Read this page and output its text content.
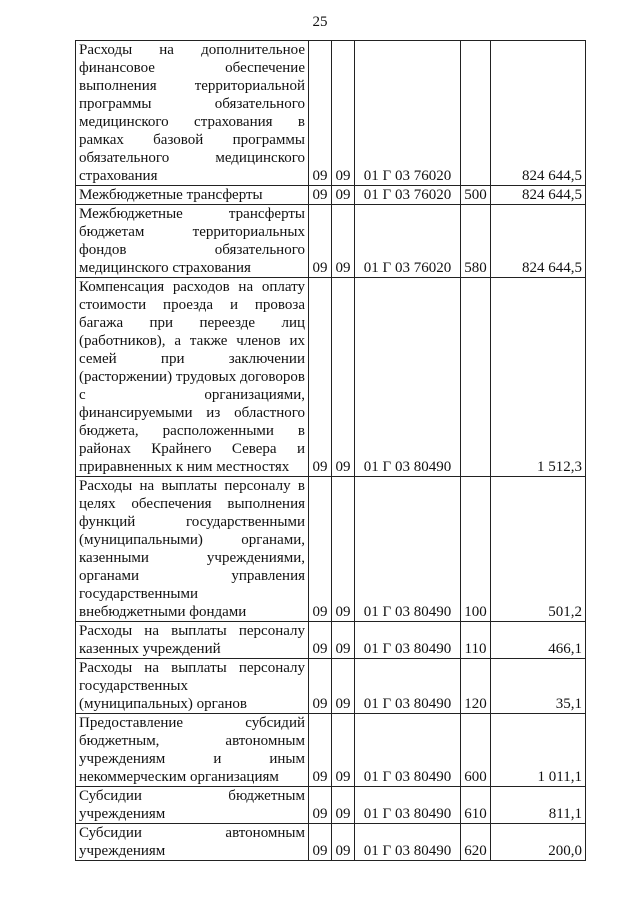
25
Расходы на дополнительное финансовое обеспечение выполнения территориальной программы обязательного медицинского страхования в рамках базовой программы обязательного медицинского страхования	09	09	01 Г 03 76020		824 644,5
Межбюджетные трансферты	09	09	01 Г 03 76020	500	824 644,5
Межбюджетные трансферты бюджетам территориальных фондов обязательного медицинского страхования	09	09	01 Г 03 76020	580	824 644,5
Компенсация расходов на оплату стоимости проезда и провоза багажа при переезде лиц (работников), а также членов их семей при заключении (расторжении) трудовых договоров с организациями, финансируемыми из областного бюджета, расположенными в районах Крайнего Севера и приравненных к ним местностях	09	09	01 Г 03 80490		1 512,3
Расходы на выплаты персоналу в целях обеспечения выполнения функций государственными (муниципальными) органами, казенными учреждениями, органами управления государственными внебюджетными фондами	09	09	01 Г 03 80490	100	501,2
Расходы на выплаты персоналу казенных учреждений	09	09	01 Г 03 80490	110	466,1
Расходы на выплаты персоналу государственных (муниципальных) органов	09	09	01 Г 03 80490	120	35,1
Предоставление субсидий бюджетным, автономным учреждениям и иным некоммерческим организациям	09	09	01 Г 03 80490	600	1 011,1
Субсидии бюджетным учреждениям	09	09	01 Г 03 80490	610	811,1
Субсидии автономным учреждениям	09	09	01 Г 03 80490	620	200,0
